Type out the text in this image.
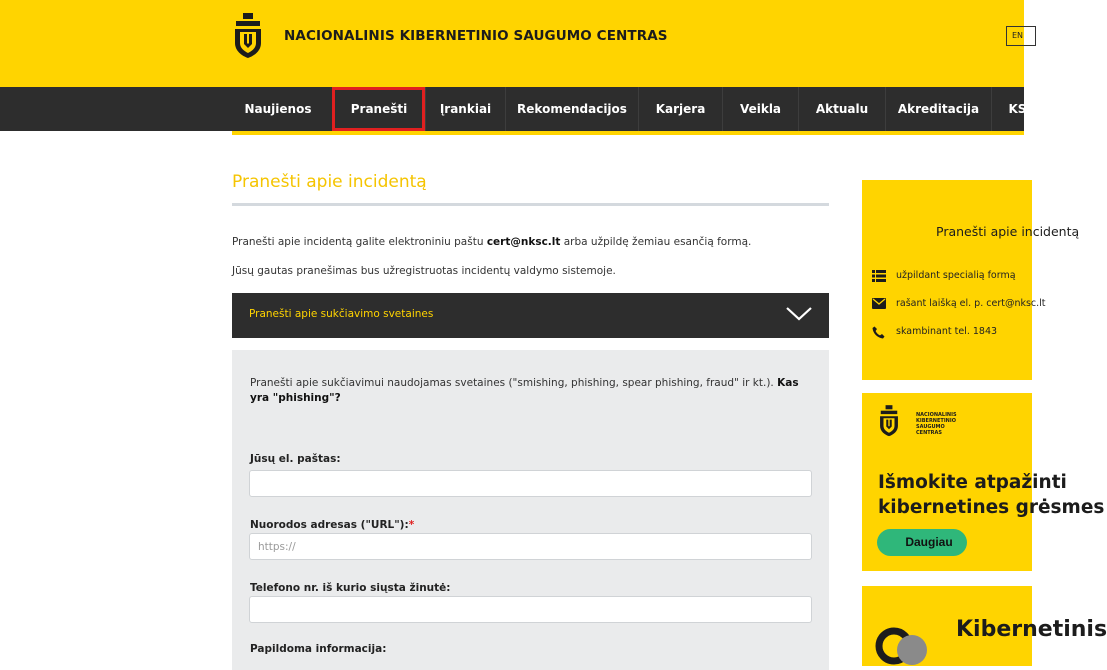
NACIONALINIS KIBERNETINIO SAUGUMO CENTRAS	EN
Naujienos	Pranešti	Įrankiai	Rekomendacijos	Karjera	Veikla	Aktualu	Akreditacija	KSS
Pranešti apie incidentą

Pranešti apie incidentą galite elektroniniu paštu cert@nksc.lt arba užpildę žemiau esančią formą.

Jūsų gautas pranešimas bus užregistruotas incidentų valdymo sistemoje.

Pranešti apie sukčiavimo svetaines

Pranešti apie sukčiavimui naudojamas svetaines ("smishing, phishing, spear phishing, fraud" ir kt.). Kas yra "phishing"?

Jūsų el. paštas:
Nuorodos adresas ("URL"):*
https://
Telefono nr. iš kurio siųsta žinutė:
Papildoma informacija:
Pranešti apie incidentą
užpildant specialią formą
rašant laišką el. p. cert@nksc.lt
skambinant tel. 1843
NACIONALINIS
KIBERNETINIO
SAUGUMO
CENTRAS
Išmokite atpažinti
kibernetines grėsmes
Daugiau
Kibernetinis
